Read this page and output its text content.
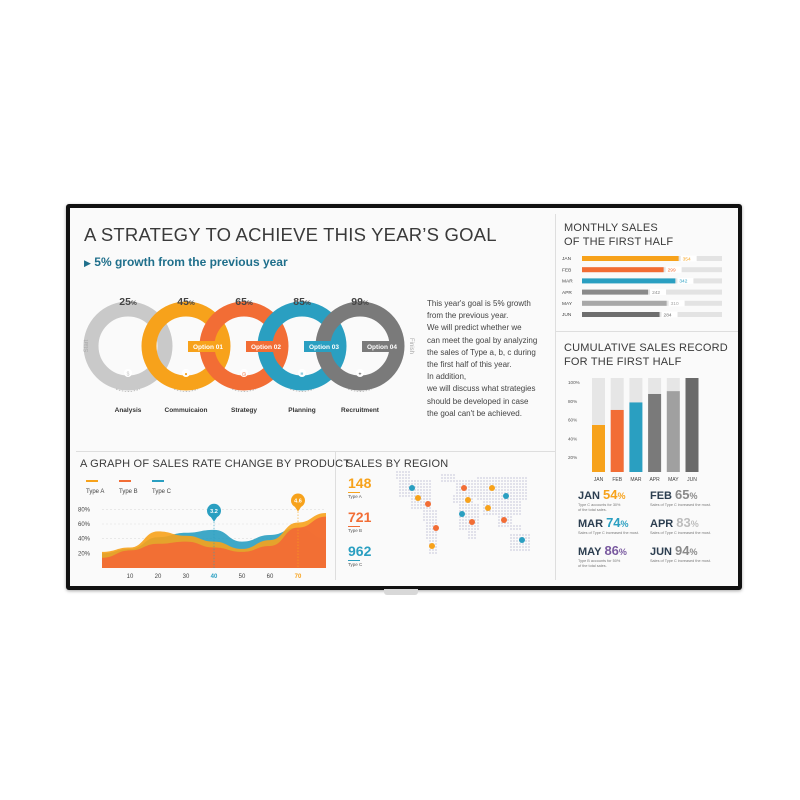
A STRATEGY TO ACHIEVE THIS YEAR’S GOAL
▶ 5% growth from the previous year
25%
$
Analysis
45%
Option 01
●
Commuicaion
65%
Option 02
◷
Strategy
85%
Option 03
≡
Planning
99%
Option 04
✦
Recruitment
Start	Finish
This year's goal is 5% growth
from the previous year.
We will predict whether we
can meet the goal by analyzing
the sales of Type a, b, c during
the first half of this year.
In addition,
we will discuss what strategies
should be developed in case
the goal can't be achieved.
MONTHLY SALES
OF THE FIRST HALF
JAN	354
FEB	299
MAR	342
APR	242
MAY	310
JUN	284
CUMULATIVE SALES RECORD
FOR THE FIRST HALF
20%
40%
60%
80%
100%
JAN FEB MAR APR MAY JUN
JAN 54%
Type C accounts for 30%
of the total sales.
FEB 65%
Sales of Type C increased the most.
MAR 74%
Sales of Type C increased the most.
APR 83%
Sales of Type C increased the most.
MAY 86%
Type B accounts for 50%
of the total sales.
JUN 94%
Sales of Type C increased the most.
A GRAPH OF SALES RATE CHANGE BY PRODUCT
Type A Type B Type C
20%
40%
60%
80%
10	20	30	40	50	60	70
3.2
4.6
SALES BY REGION
148
Type A
721
Type B
962
Type C
